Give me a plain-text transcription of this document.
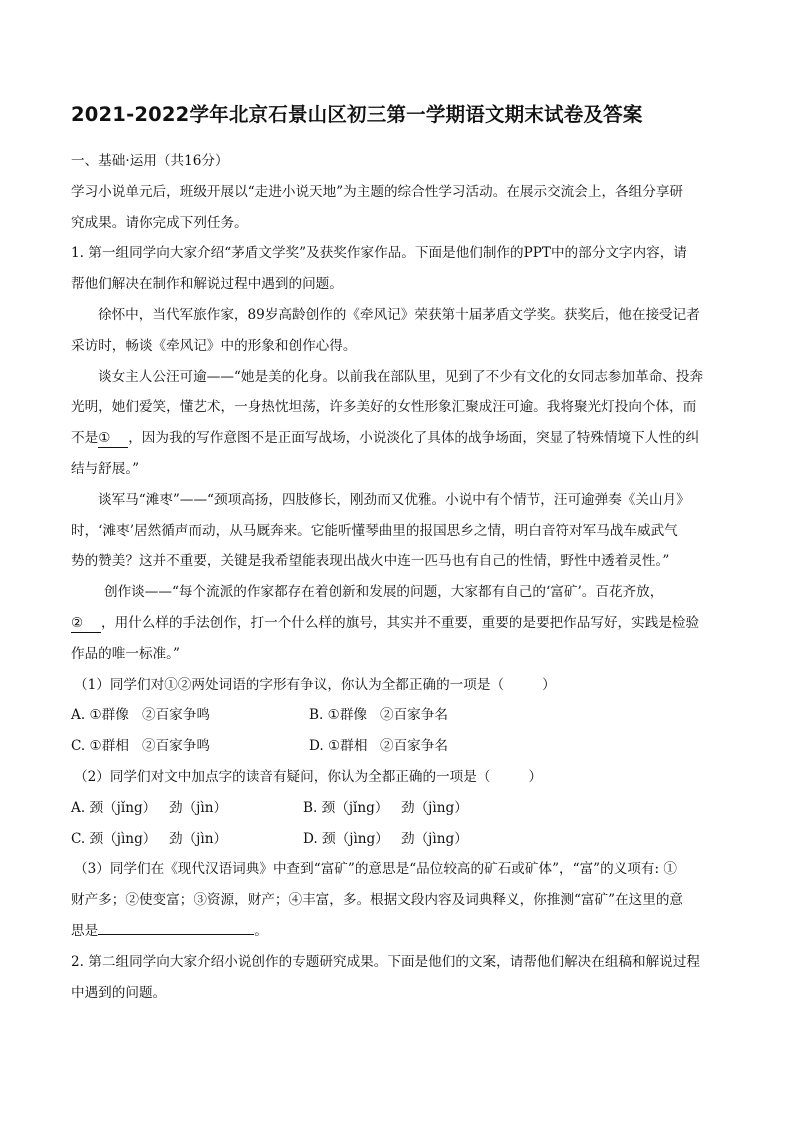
2021-2022学年北京石景山区初三第一学期语文期末试卷及答案
一、基础·运用（共16分）
学习小说单元后，班级开展以“走进小说天地”为主题的综合性学习活动。在展示交流会上，各组分享研
究成果。请你完成下列任务。
1. 第一组同学向大家介绍“茅盾文学奖”及获奖作家作品。下面是他们制作的PPT中的部分文字内容，请
帮他们解决在制作和解说过程中遇到的问题。
徐怀中，当代军旅作家，89岁高龄创作的《牵风记》荣获第十届茅盾文学奖。获奖后，他在接受记者
采访时，畅谈《牵风记》中的形象和创作心得。
谈女主人公汪可逾——“她是美的化身。以前我在部队里，见到了不少有文化的女同志参加革命、投奔
光明，她们爱笑，懂艺术，一身热忱坦荡，许多美好的女性形象汇聚成汪可逾。我将聚光灯投向个体，而
不是① ，因为我的写作意图不是正面写战场，小说淡化了具体的战争场面，突显了特殊情境下人性的纠
结与舒展。”
谈军马“滩枣”——“颈项高扬，四肢修长，刚劲而又优雅。小说中有个情节，汪可逾弹奏《关山月》
时，‘滩枣’居然循声而动，从马厩奔来。它能听懂琴曲里的报国思乡之情，明白音符对军马战车威武气
势的赞美？这并不重要，关键是我希望能表现出战火中连一匹马也有自己的性情，野性中透着灵性。”
创作谈——“每个流派的作家都存在着创新和发展的问题，大家都有自己的‘富矿’。百花齐放，
② ，用什么样的手法创作，打一个什么样的旗号，其实并不重要，重要的是要把作品写好，实践是检验
作品的唯一标准。”
（1）同学们对①②两处词语的字形有争议，你认为全都正确的一项是（	）
A. ①群像 ②百家争鸣	B. ①群像 ②百家争名
C. ①群相 ②百家争鸣	D. ①群相 ②百家争名
（2）同学们对文中加点字的读音有疑问，你认为全都正确的一项是（	）
A. 颈（jǐng） 劲（jìn）	B. 颈（jǐng） 劲（jìng）
C. 颈（jìng） 劲（jìn）	D. 颈（jìng） 劲（jìng）
（3）同学们在《现代汉语词典》中查到“富矿”的意思是“品位较高的矿石或矿体”，“富”的义项有: ①
财产多；②使变富；③资源，财产；④丰富，多。根据文段内容及词典释义，你推测“富矿”在这里的意
思是	。
2. 第二组同学向大家介绍小说创作的专题研究成果。下面是他们的文案，请帮他们解决在组稿和解说过程
中遇到的问题。
